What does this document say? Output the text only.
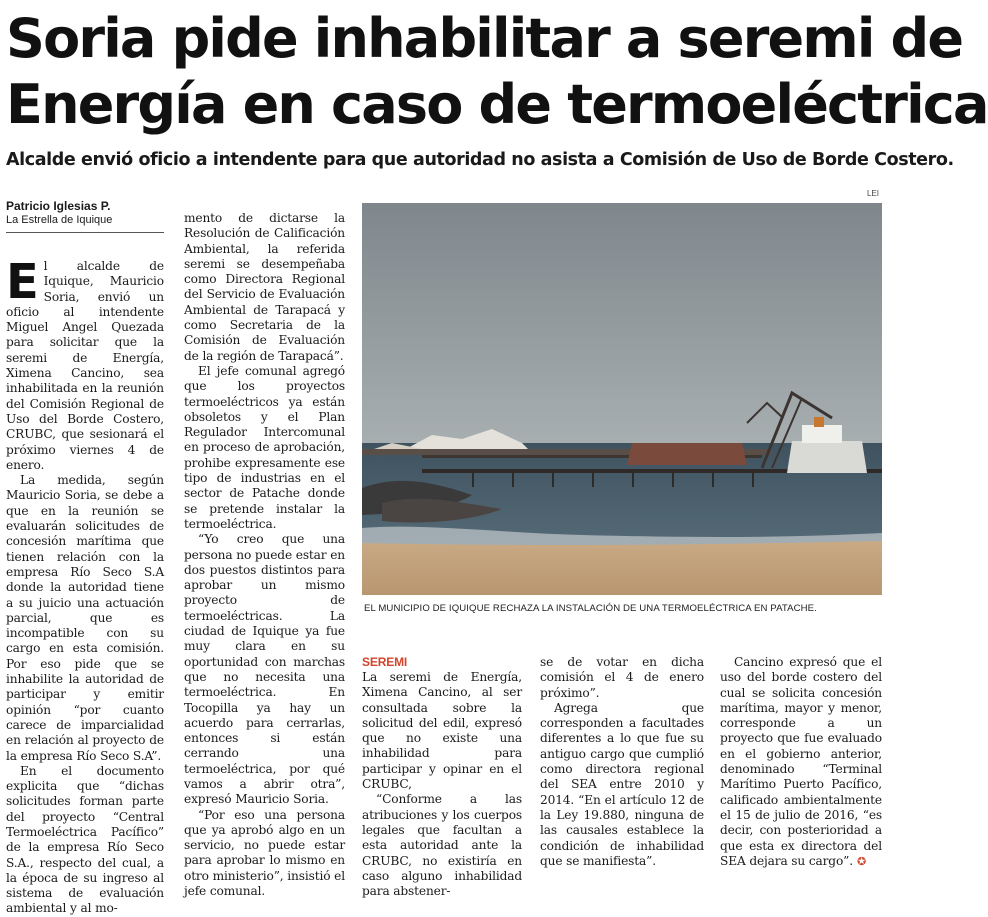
Soria pide inhabilitar a seremi de
Energía en caso de termoeléctrica
Alcalde envió oficio a intendente para que autoridad no asista a Comisión de Uso de Borde Costero.
Patricio Iglesias P.
La Estrella de Iquique
LEI
EL MUNICIPIO DE IQUIQUE RECHAZA LA INSTALACIÓN DE UNA TERMOELÉCTRICA EN PATACHE.
E l alcalde de Iquique, Mauricio Soria, envió un oficio al intendente Miguel Angel Quezada para solicitar que la seremi de Energía, Ximena Cancino, sea inhabilitada en la reunión del Comisión Regional de Uso del Borde Costero, CRUBC, que sesionará el próximo viernes 4 de enero.

La medida, según Mauricio Soria, se debe a que en la reunión se evaluarán solicitudes de concesión marítima que tienen relación con la empresa Río Seco S.A donde la autoridad tiene a su juicio una actuación parcial, que es incompatible con su cargo en esta comisión. Por eso pide que se inhabilite la autoridad de participar y emitir opinión “por cuanto carece de imparcialidad en relación al proyecto de la empresa Río Seco S.A”.

En el documento explicita que “dichas solicitudes forman parte del proyecto “Central Termoeléctrica Pacífico” de la empresa Río Seco S.A., respecto del cual, a la época de su ingreso al sistema de evaluación ambiental y al mo-

mento de dictarse la Resolución de Calificación Ambiental, la referida seremi se desempeñaba como Directora Regional del Servicio de Evaluación Ambiental de Tarapacá y como Secretaria de la Comisión de Evaluación de la región de Tarapacá”.

El jefe comunal agregó que los proyectos termoeléctricos ya están obsoletos y el Plan Regulador Intercomunal en proceso de aprobación, prohibe expresamente ese tipo de industrias en el sector de Patache donde se pretende instalar la termoeléctrica.

“Yo creo que una persona no puede estar en dos puestos distintos para aprobar un mismo proyecto de termoeléctricas. La ciudad de Iquique ya fue muy clara en su oportunidad con marchas que no necesita una termoeléctrica. En Tocopilla ya hay un acuerdo para cerrarlas, entonces si están cerrando una termoeléctrica, por qué vamos a abrir otra”, expresó Mauricio Soria.

“Por eso una persona que ya aprobó algo en un servicio, no puede estar para aprobar lo mismo en otro ministerio”, insistió el jefe comunal.

SEREMI

La seremi de Energía, Ximena Cancino, al ser consultada sobre la solicitud del edil, expresó que no existe una inhabilidad para participar y opinar en el CRUBC,

“Conforme a las atribuciones y los cuerpos legales que facultan a esta autoridad ante la CRUBC, no existiría en caso alguno inhabilidad para abstener-

se de votar en dicha comisión el 4 de enero próximo”.

Agrega que corresponden a facultades diferentes a lo que fue su antiguo cargo que cumplió como directora regional del SEA entre 2010 y 2014. “En el artículo 12 de la Ley 19.880, ninguna de las causales establece la condición de inhabilidad que se manifiesta”.

Cancino expresó que el uso del borde costero del cual se solicita concesión marítima, mayor y menor, corresponde a un proyecto que fue evaluado en el gobierno anterior, denominado “Terminal Marítimo Puerto Pacífico, calificado ambientalmente el 15 de julio de 2016, “es decir, con posterioridad a que esta ex directora del SEA dejara su cargo”. ✪
